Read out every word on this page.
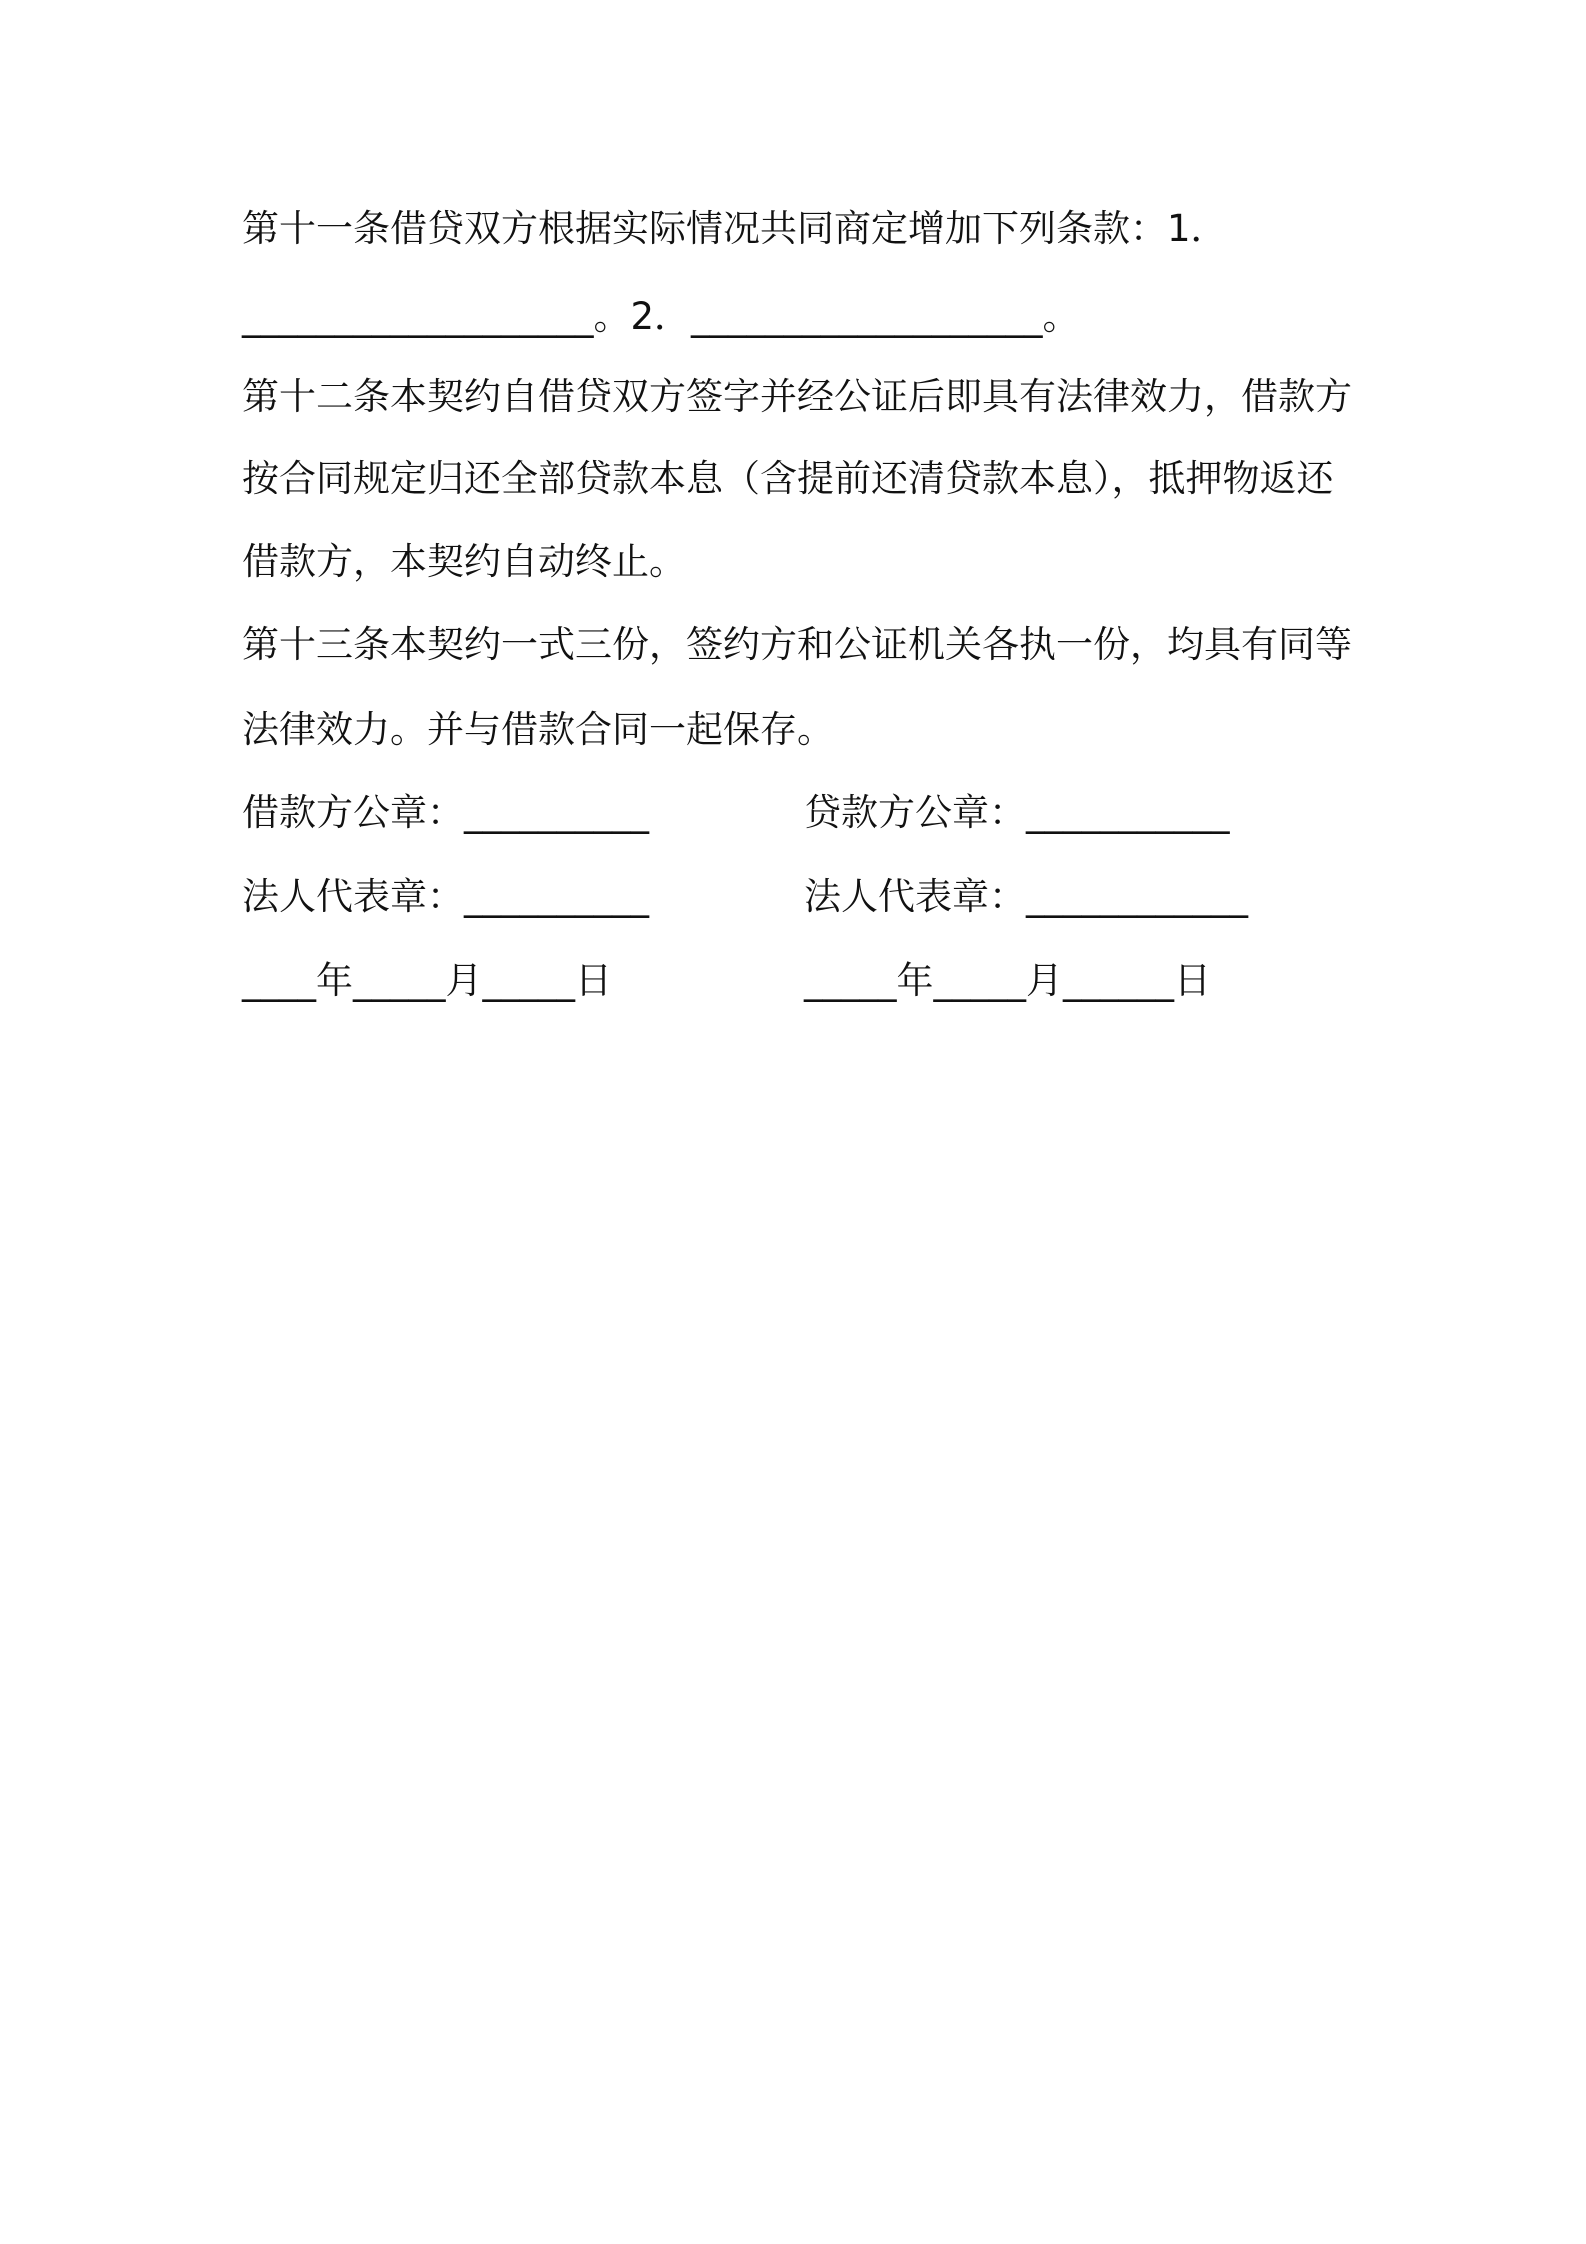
第十一条借贷双方根据实际情况共同商定增加下列条款：1．
___________________。2．___________________。
第十二条本契约自借贷双方签字并经公证后即具有法律效力，借款方
按合同规定归还全部贷款本息（含提前还清贷款本息），抵押物返还
借款方，本契约自动终止。
第十三条本契约一式三份，签约方和公证机关各执一份，均具有同等
法律效力。并与借款合同一起保存。
借款方公章：__________	贷款方公章：___________
法人代表章：__________	法人代表章：____________
____年_____月_____日	_____年_____月______日
